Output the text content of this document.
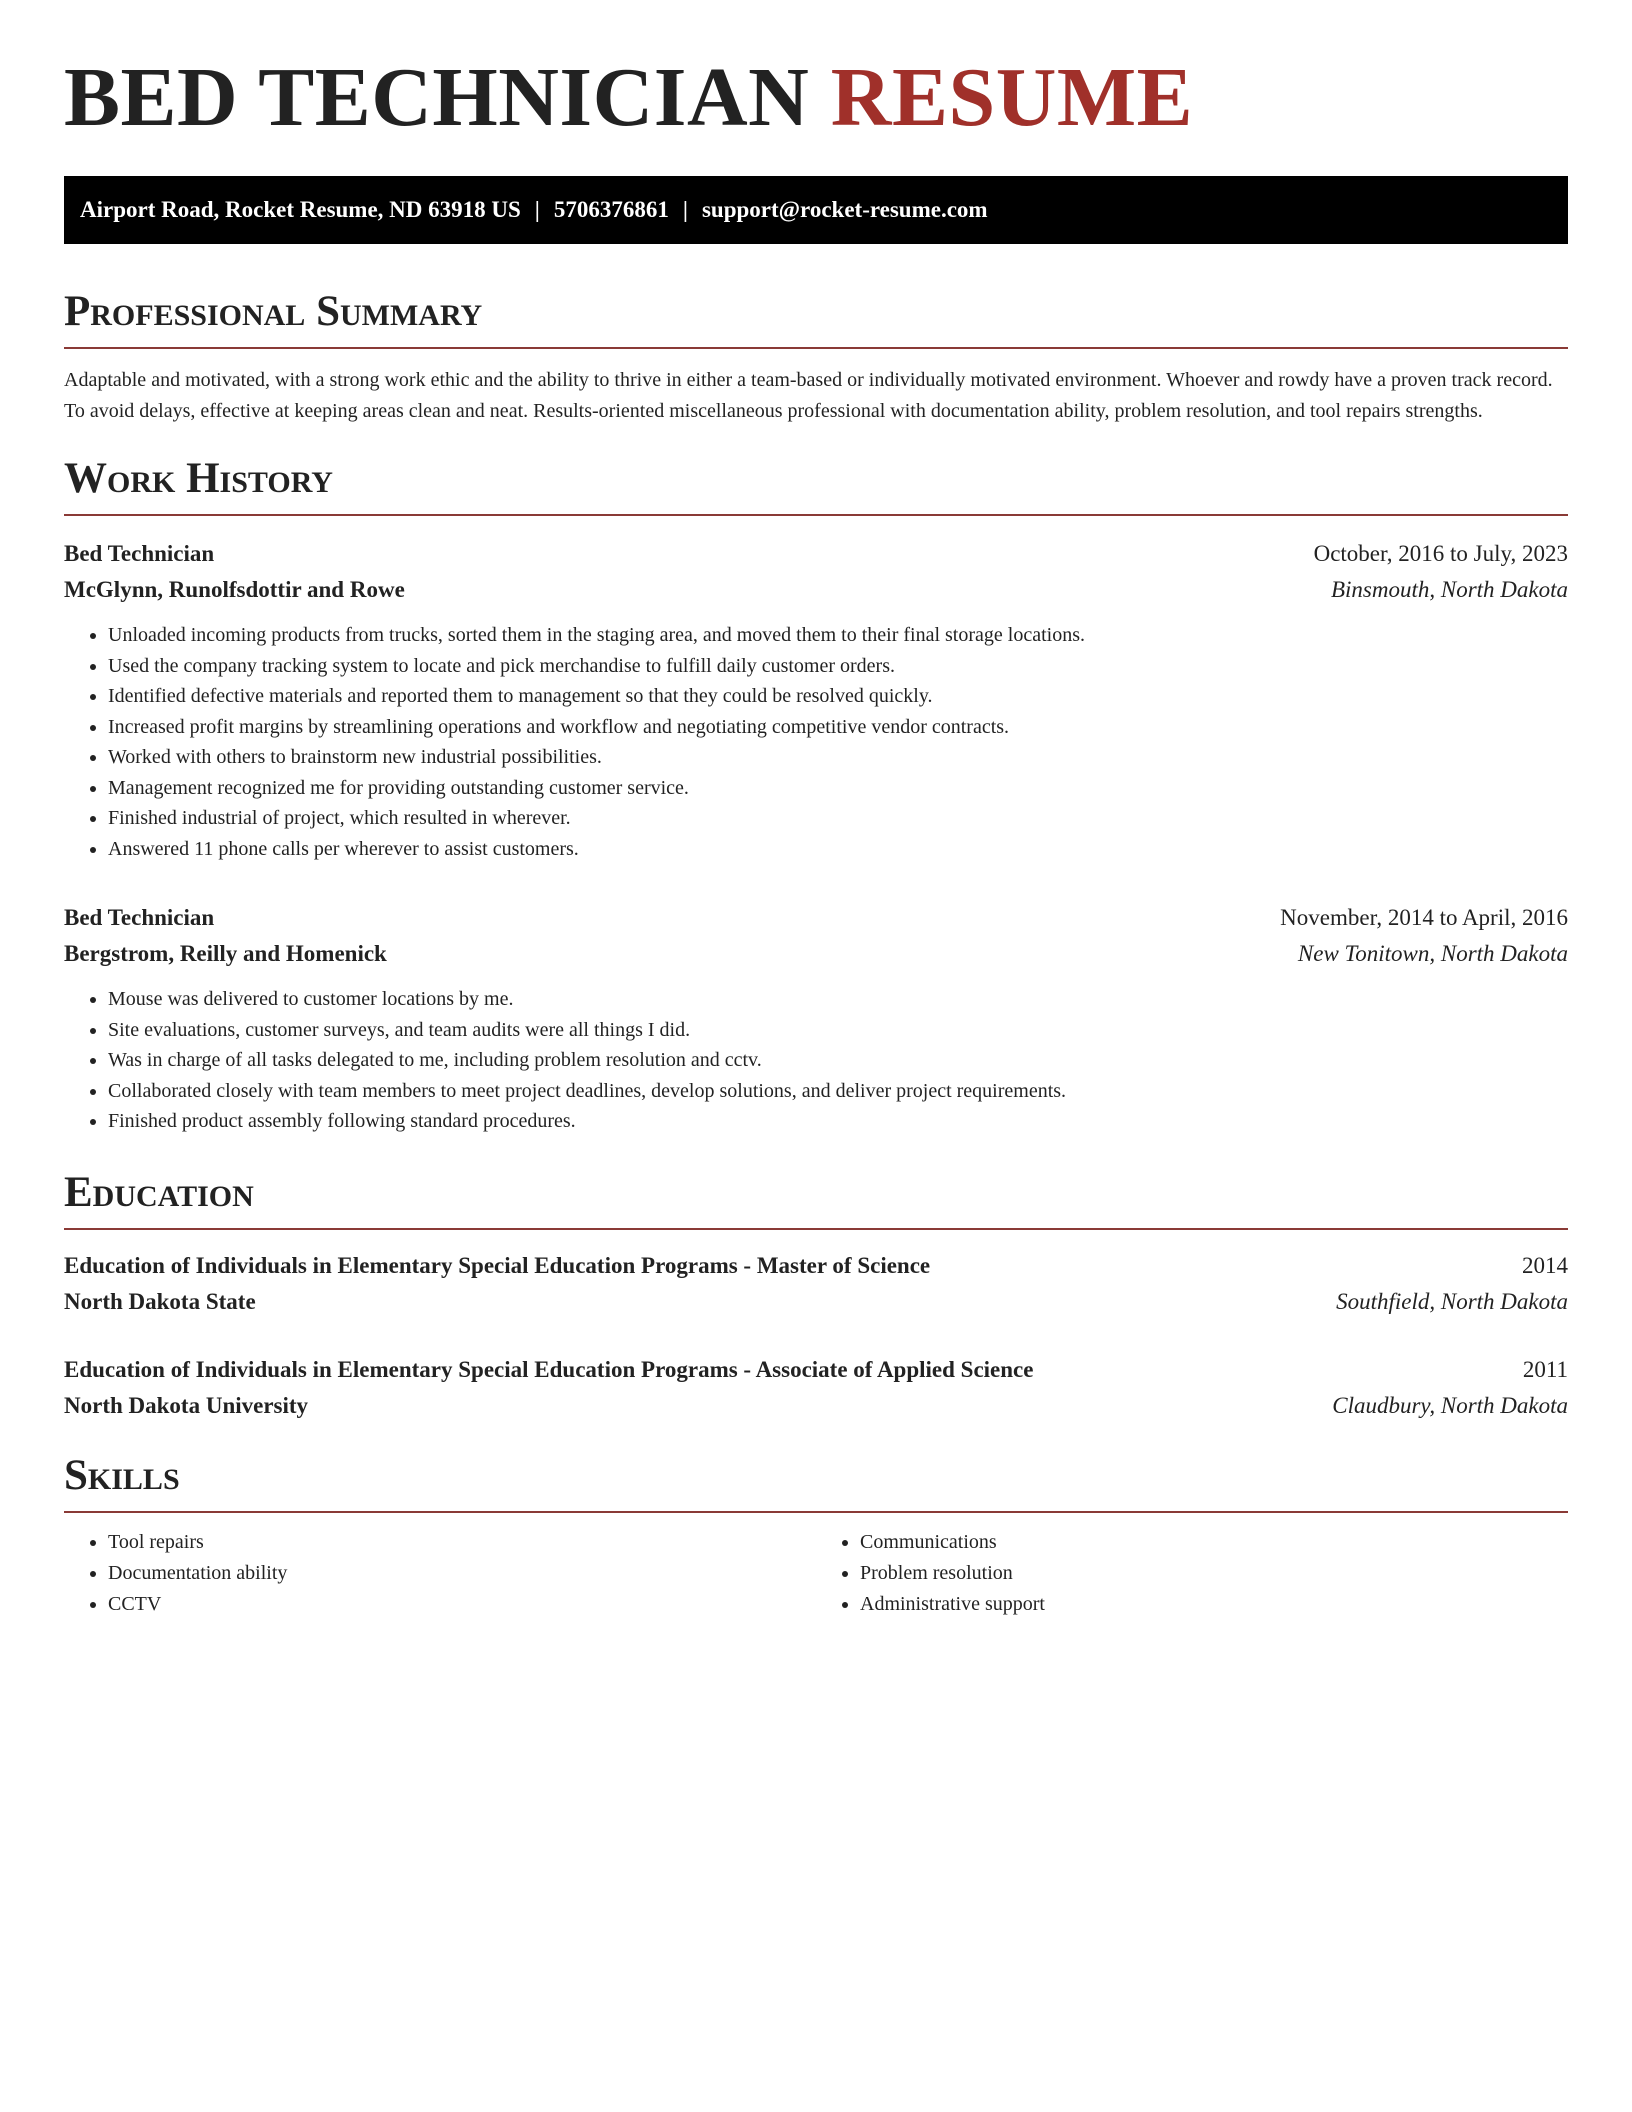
BED TECHNICIAN RESUME
Airport Road, Rocket Resume, ND 63918 US | 5706376861 | support@rocket-resume.com
Professional Summary
Adaptable and motivated, with a strong work ethic and the ability to thrive in either a team-based or individually motivated environment. Whoever and rowdy have a proven track record. To avoid delays, effective at keeping areas clean and neat. Results-oriented miscellaneous professional with documentation ability, problem resolution, and tool repairs strengths.
Work History
Bed Technician	October, 2016 to July, 2023
McGlynn, Runolfsdottir and Rowe	Binsmouth, North Dakota
• Unloaded incoming products from trucks, sorted them in the staging area, and moved them to their final storage locations.
• Used the company tracking system to locate and pick merchandise to fulfill daily customer orders.
• Identified defective materials and reported them to management so that they could be resolved quickly.
• Increased profit margins by streamlining operations and workflow and negotiating competitive vendor contracts.
• Worked with others to brainstorm new industrial possibilities.
• Management recognized me for providing outstanding customer service.
• Finished industrial of project, which resulted in wherever.
• Answered 11 phone calls per wherever to assist customers.
Bed Technician	November, 2014 to April, 2016
Bergstrom, Reilly and Homenick	New Tonitown, North Dakota
• Mouse was delivered to customer locations by me.
• Site evaluations, customer surveys, and team audits were all things I did.
• Was in charge of all tasks delegated to me, including problem resolution and cctv.
• Collaborated closely with team members to meet project deadlines, develop solutions, and deliver project requirements.
• Finished product assembly following standard procedures.
Education
Education of Individuals in Elementary Special Education Programs - Master of Science	2014
North Dakota State	Southfield, North Dakota
Education of Individuals in Elementary Special Education Programs - Associate of Applied Science	2011
North Dakota University	Claudbury, North Dakota
Skills
• Tool repairs
• Documentation ability
• CCTV
• Communications
• Problem resolution
• Administrative support
